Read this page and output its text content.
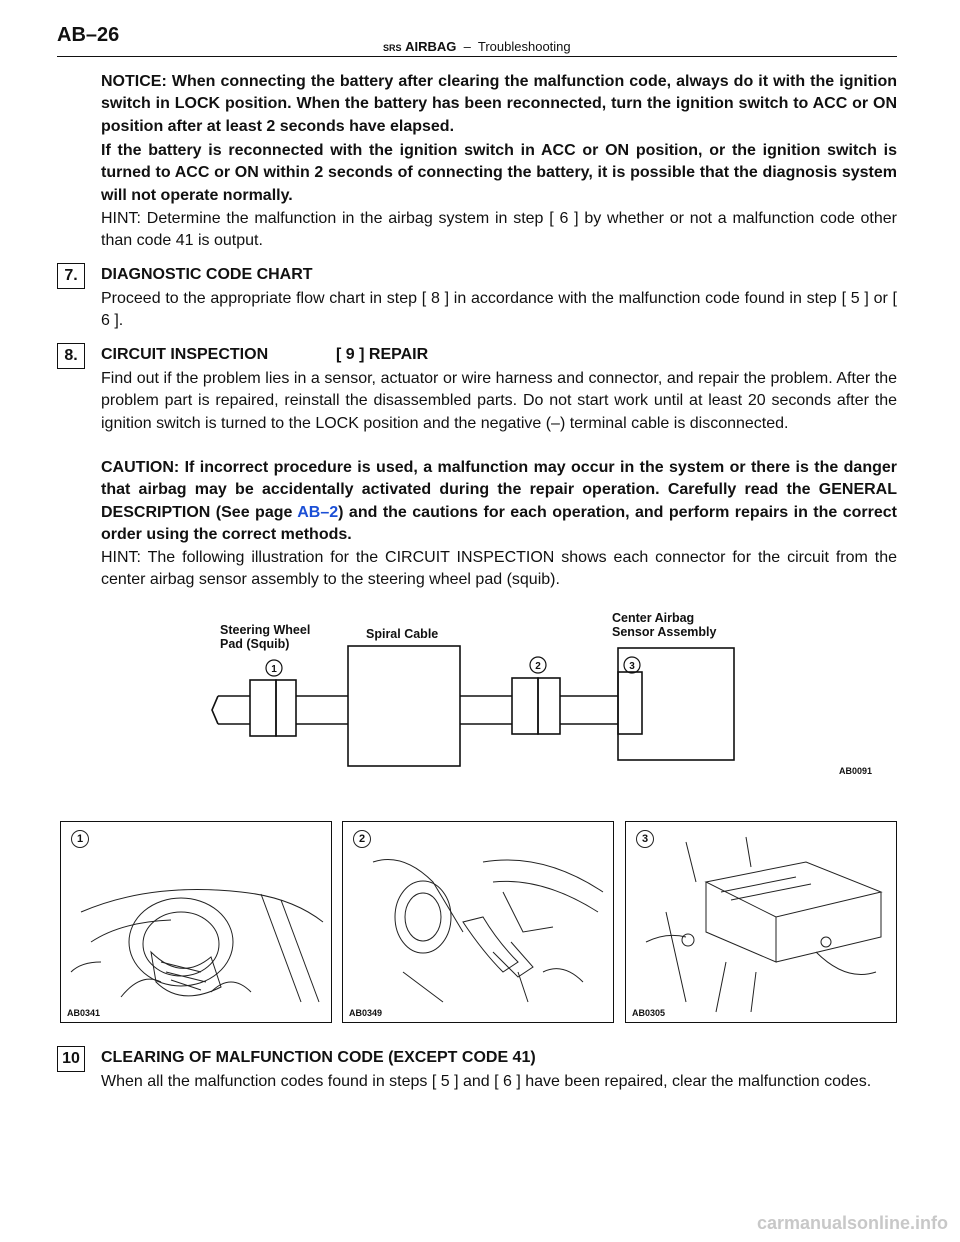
AB–26
SRS AIRBAG – Troubleshooting

NOTICE: When connecting the battery after clearing the malfunction code, always do it with the ignition switch in LOCK position. When the battery has been reconnected, turn the ignition switch to ACC or ON position after at least 2 seconds have elapsed.

If the battery is reconnected with the ignition switch in ACC or ON position, or the ignition switch is turned to ACC or ON within 2 seconds of connecting the battery, it is possible that the diagnosis system will not operate normally.

HINT: Determine the malfunction in the airbag system in step [ 6 ] by whether or not a malfunction code other than code 41 is output.

7.	DIAGNOSTIC CODE CHART

Proceed to the appropriate flow chart in step [ 8 ] in accordance with the malfunction code found in step [ 5 ] or [ 6 ].

8.	CIRCUIT INSPECTION	[ 9 ] REPAIR

Find out if the problem lies in a sensor, actuator or wire harness and connector, and repair the problem. After the problem part is repaired, reinstall the disassembled parts. Do not start work until at least 20 seconds after the ignition switch is turned to the LOCK position and the negative (–) terminal cable is disconnected.

CAUTION: If incorrect procedure is used, a malfunction may occur in the system or there is the danger that airbag may be accidentally activated during the repair operation. Carefully read the GENERAL DESCRIPTION (See page AB–2) and the cautions for each operation, and perform repairs in the correct order using the correct methods.

HINT: The following illustration for the CIRCUIT INSPECTION shows each connector for the circuit from the center airbag sensor assembly to the steering wheel pad (squib).

1	2	3
Steering Wheel
Pad (Squib)
Spiral Cable
Center Airbag
Sensor Assembly
AB0091
1
AB0341
2
AB0349
3
AB0305
10	CLEARING OF MALFUNCTION CODE (EXCEPT CODE 41)

When all the malfunction codes found in steps [ 5 ] and [ 6 ] have been repaired, clear the malfunction codes.

carmanualsonline.info
